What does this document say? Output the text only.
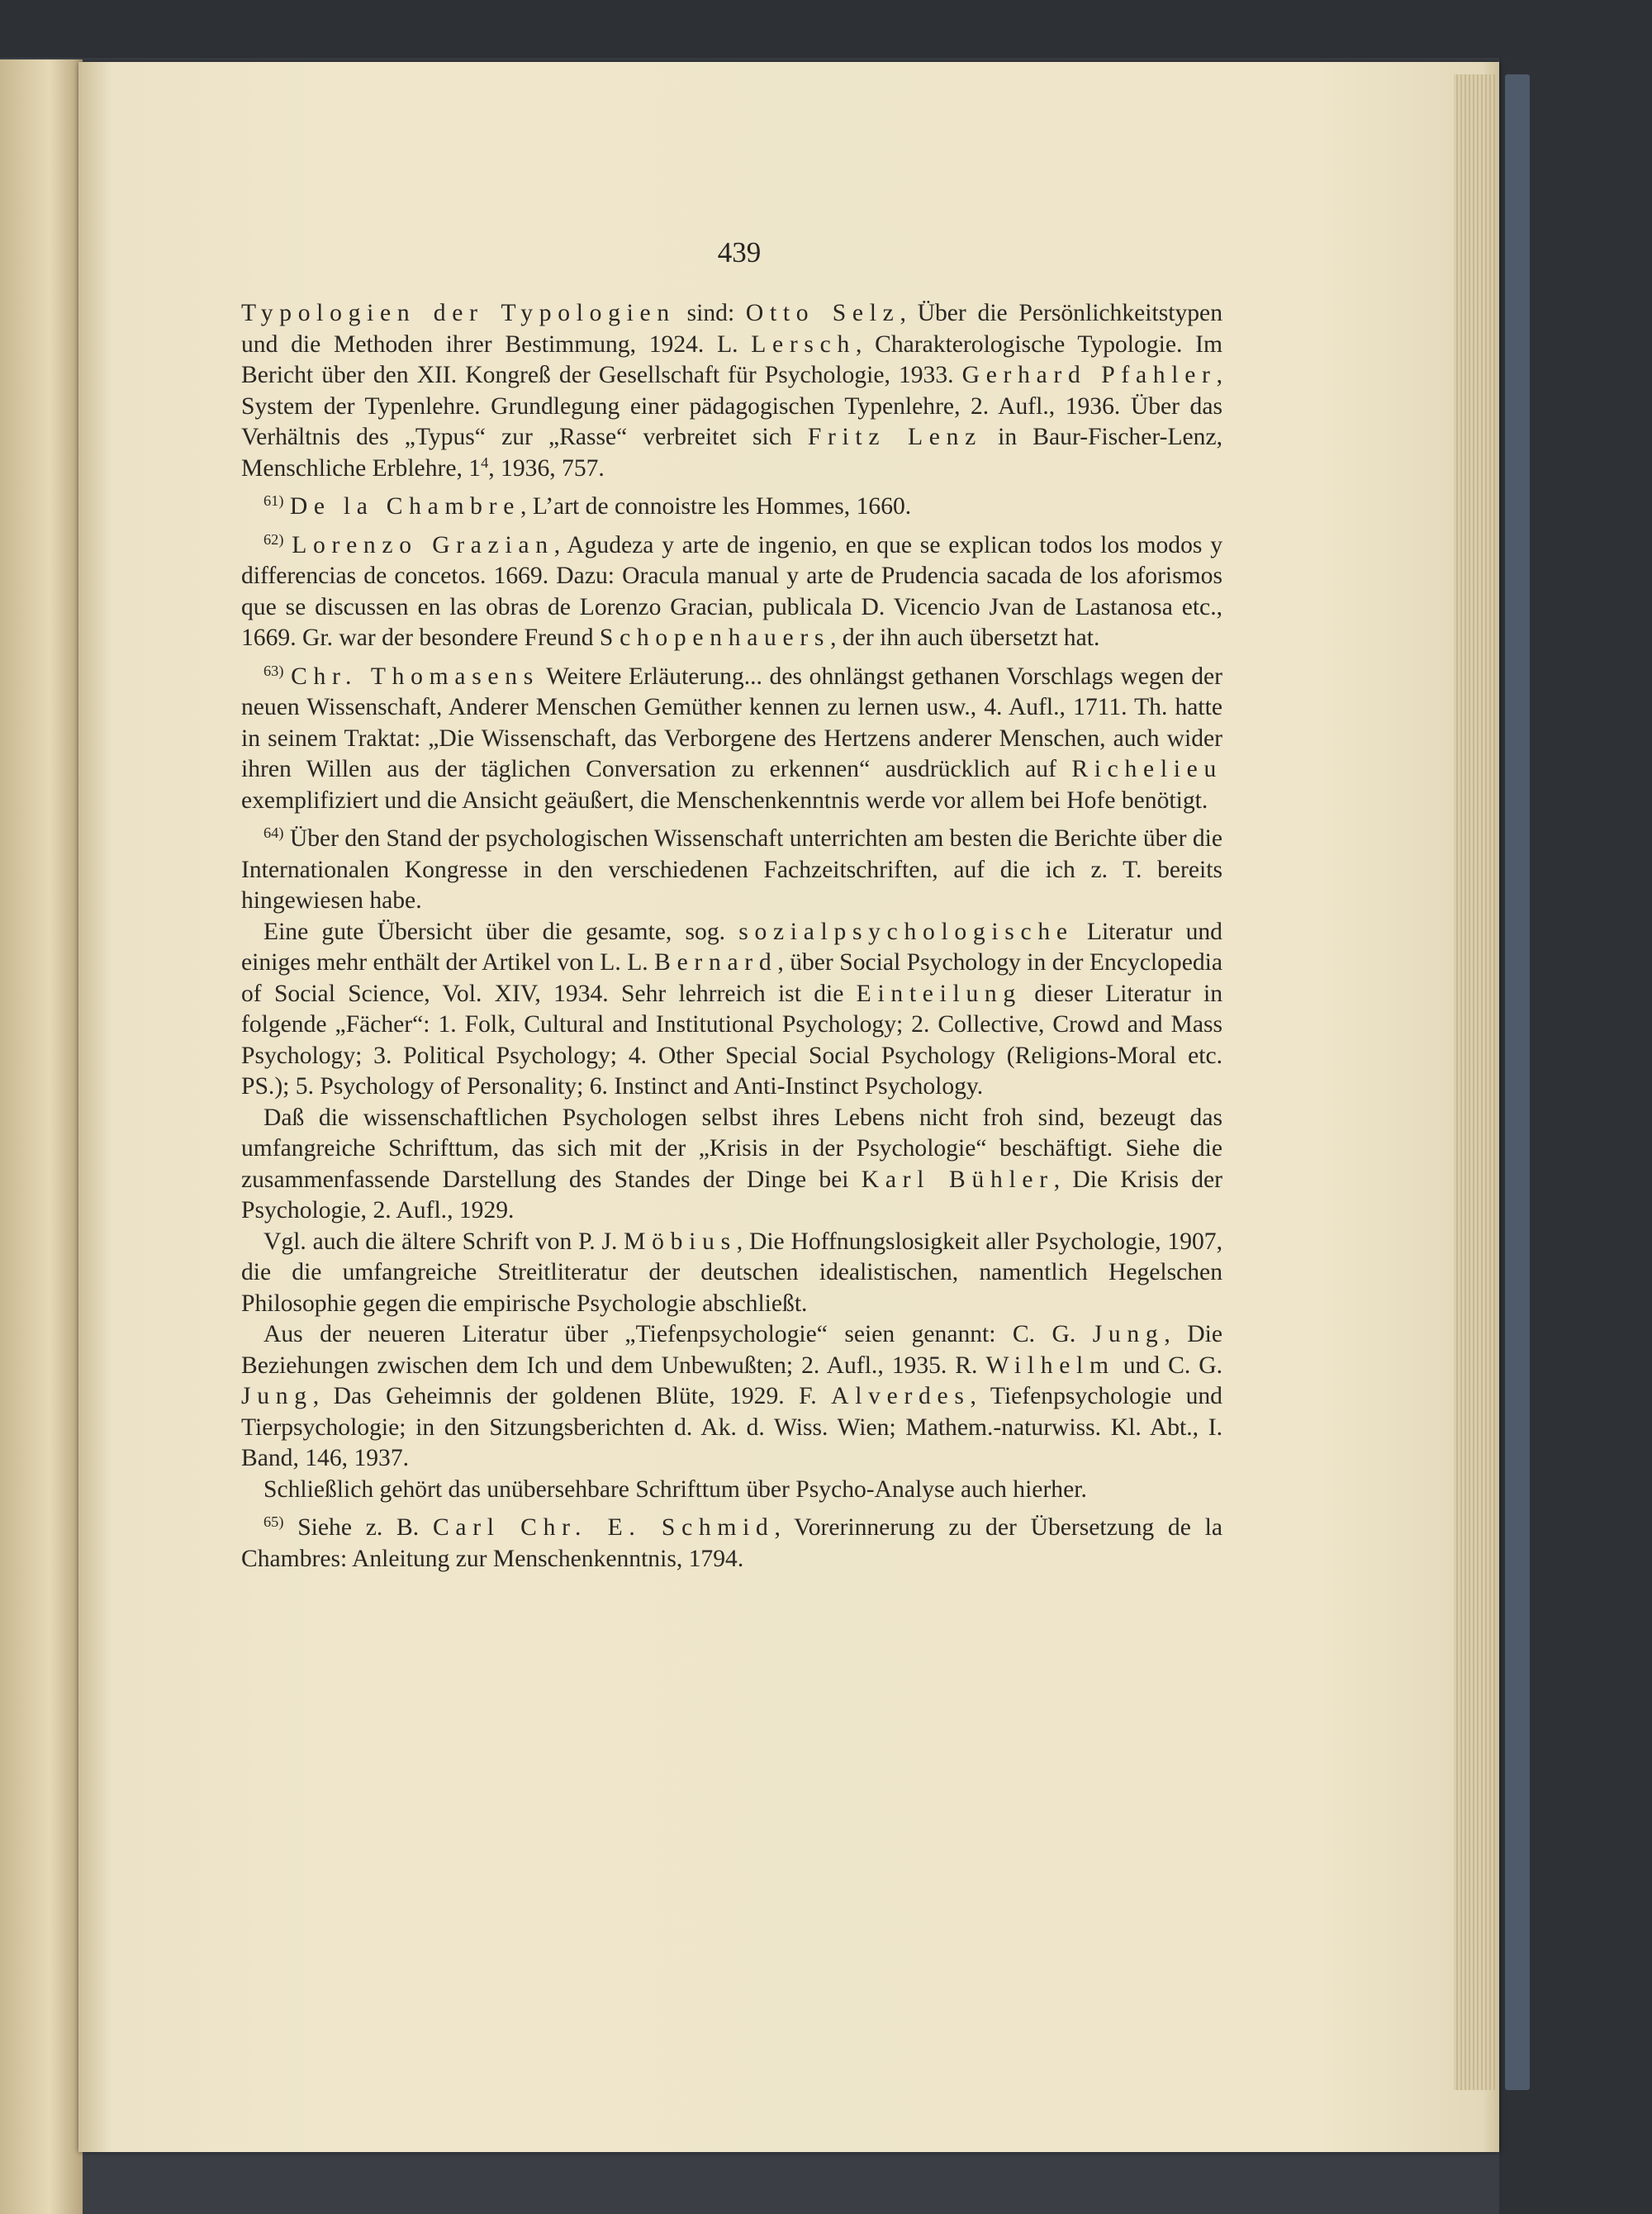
439

Typologien der Typologien sind: Otto Selz, Über die Persönlichkeitstypen und die Methoden ihrer Bestimmung, 1924. L. Lersch, Charakterologische Typologie. Im Bericht über den XII. Kongreß der Gesellschaft für Psychologie, 1933. Gerhard Pfahler, System der Typenlehre. Grundlegung einer pädagogischen Typenlehre, 2. Aufl., 1936. Über das Verhältnis des „Typus“ zur „Rasse“ verbreitet sich Fritz Lenz in Baur-Fischer-Lenz, Menschliche Erblehre, $1^4$, 1936, 757.

$^{61)}$ De la Chambre, L’art de connoistre les Hommes, 1660.

$^{62)}$ Lorenzo Grazian, Agudeza y arte de ingenio, en que se explican todos los modos y differencias de concetos. 1669. Dazu: Oracula manual y arte de Prudencia sacada de los aforismos que se discussen en las obras de Lorenzo Gracian, publicala D. Vicencio Jvan de Lastanosa etc., 1669. Gr. war der besondere Freund Schopenhauers, der ihn auch übersetzt hat.

$^{63)}$ Chr. Thomasens Weitere Erläuterung... des ohnlängst gethanen Vorschlags wegen der neuen Wissenschaft, Anderer Menschen Gemüther kennen zu lernen usw., 4. Aufl., 1711. Th. hatte in seinem Traktat: „Die Wissenschaft, das Verborgene des Hertzens anderer Menschen, auch wider ihren Willen aus der täglichen Conversation zu erkennen“ ausdrücklich auf Richelieu exemplifiziert und die Ansicht geäußert, die Menschenkenntnis werde vor allem bei Hofe benötigt.

$^{64)}$ Über den Stand der psychologischen Wissenschaft unterrichten am besten die Berichte über die Internationalen Kongresse in den verschiedenen Fachzeitschriften, auf die ich z. T. bereits hingewiesen habe.

Eine gute Übersicht über die gesamte, sog. sozialpsychologische Literatur und einiges mehr enthält der Artikel von L. L. Bernard, über Social Psychology in der Encyclopedia of Social Science, Vol. XIV, 1934. Sehr lehrreich ist die Einteilung dieser Literatur in folgende „Fächer“: 1. Folk, Cultural and Institutional Psychology; 2. Collective, Crowd and Mass Psychology; 3. Political Psychology; 4. Other Special Social Psychology (Religions-Moral etc. PS.); 5. Psychology of Personality; 6. Instinct and Anti-Instinct Psychology.

Daß die wissenschaftlichen Psychologen selbst ihres Lebens nicht froh sind, bezeugt das umfangreiche Schrifttum, das sich mit der „Krisis in der Psychologie“ beschäftigt. Siehe die zusammenfassende Darstellung des Standes der Dinge bei Karl Bühler, Die Krisis der Psychologie, 2. Aufl., 1929.

Vgl. auch die ältere Schrift von P. J. Möbius, Die Hoffnungslosigkeit aller Psychologie, 1907, die die umfangreiche Streitliteratur der deutschen idealistischen, namentlich Hegelschen Philosophie gegen die empirische Psychologie abschließt.

Aus der neueren Literatur über „Tiefenpsychologie“ seien genannt: C. G. Jung, Die Beziehungen zwischen dem Ich und dem Unbewußten; 2. Aufl., 1935. R. Wilhelm und C. G. Jung, Das Geheimnis der goldenen Blüte, 1929. F. Alverdes, Tiefenpsychologie und Tierpsychologie; in den Sitzungsberichten d. Ak. d. Wiss. Wien; Mathem.-naturwiss. Kl. Abt., I. Band, 146, 1937.

Schließlich gehört das unübersehbare Schrifttum über Psycho-Analyse auch hierher.

$^{65)}$ Siehe z. B. Carl Chr. E. Schmid, Vorerinnerung zu der Übersetzung de la Chambres: Anleitung zur Menschenkenntnis, 1794.
